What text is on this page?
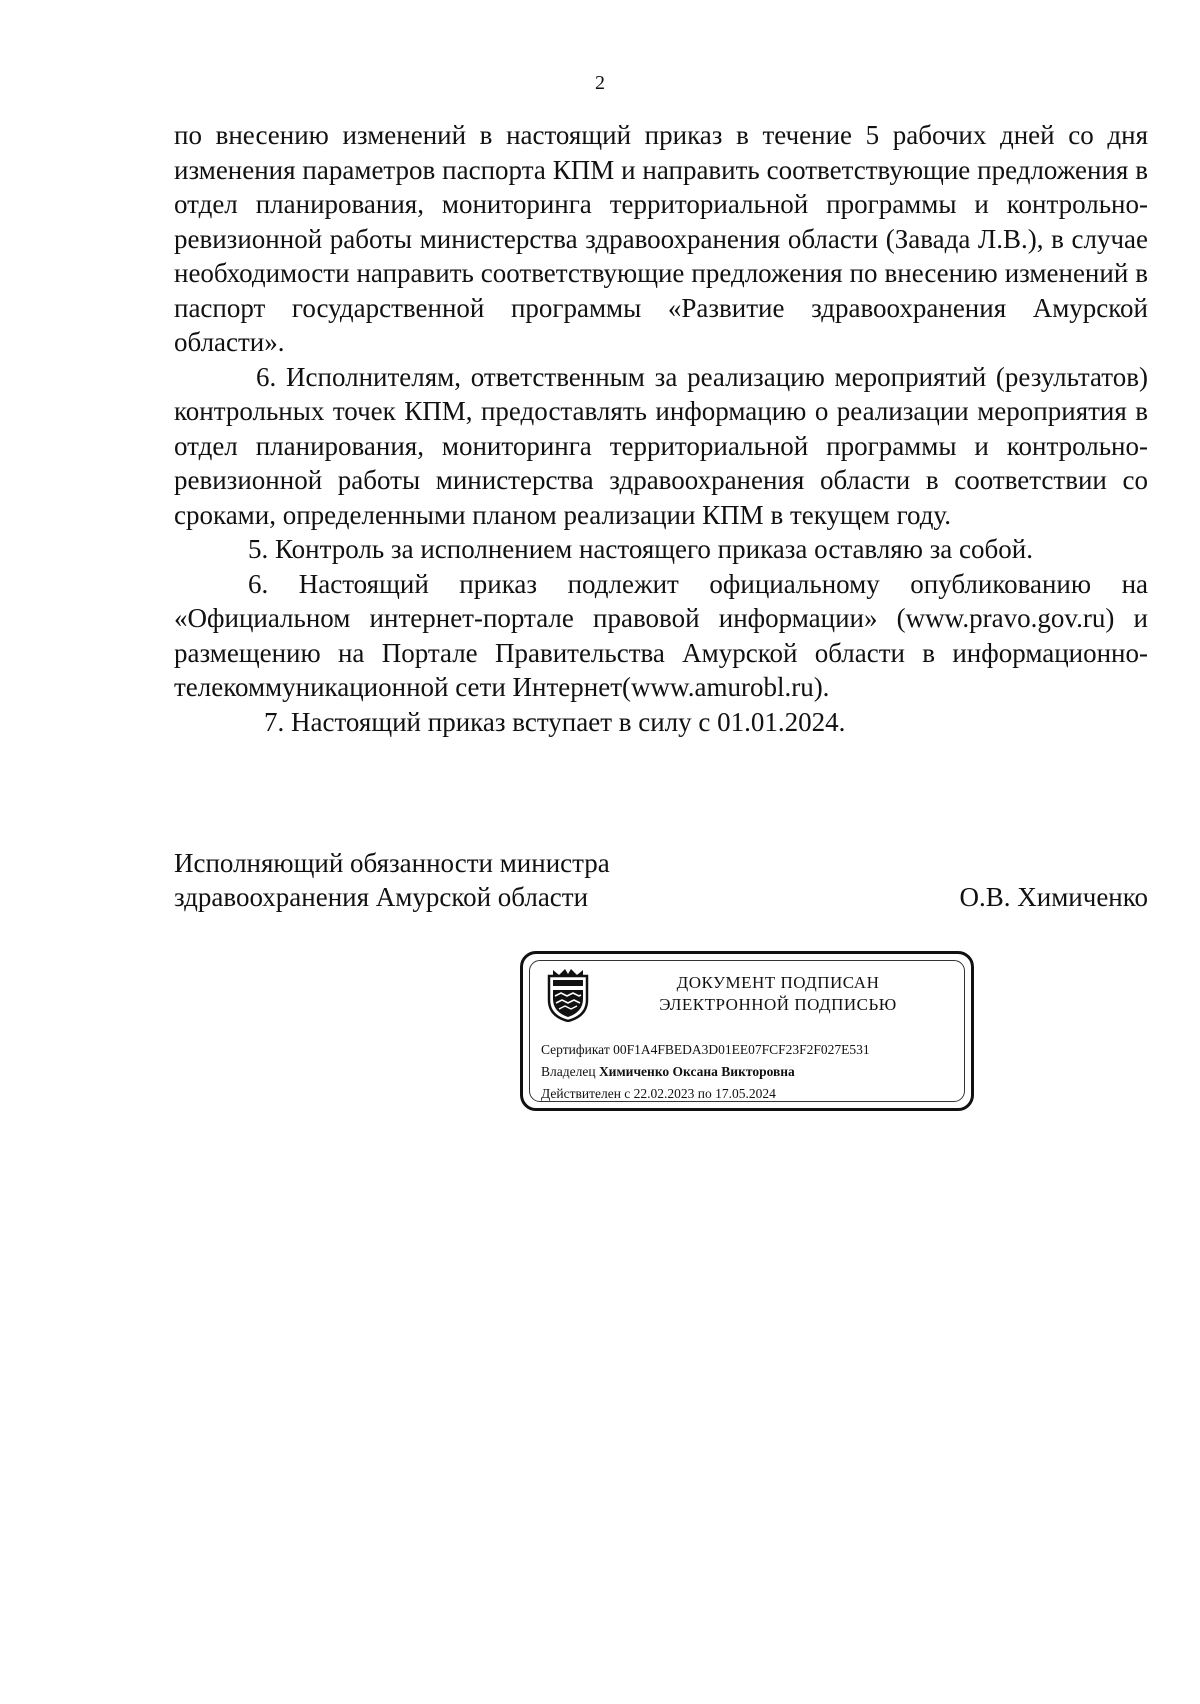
2

по внесению изменений в настоящий приказ в течение 5 рабочих дней со дня изменения параметров паспорта КПМ и направить соответствующие предложения в отдел планирования, мониторинга территориальной программы и контрольно-ревизионной работы министерства здравоохранения области (Завада Л.В.), в случае необходимости направить соответствующие предложения по внесению изменений в паспорт государственной программы «Развитие здравоохранения Амурской области».

6. Исполнителям, ответственным за реализацию мероприятий (результатов) контрольных точек КПМ, предоставлять информацию о реализации мероприятия в отдел планирования, мониторинга территориальной программы и контрольно-ревизионной работы министерства здравоохранения области в соответствии со сроками, определенными планом реализации КПМ в текущем году.

5. Контроль за исполнением настоящего приказа оставляю за собой.

6. Настоящий приказ подлежит официальному опубликованию на «Официальном интернет-портале правовой информации» (www.pravo.gov.ru) и размещению на Портале Правительства Амурской области в информационно-телекоммуникационной сети Интернет(www.amurobl.ru).

7. Настоящий приказ вступает в силу с 01.01.2024.

Исполняющий обязанности министра
здравоохранения Амурской области	О.В. Химиченко
ДОКУМЕНТ ПОДПИСАН
ЭЛЕКТРОННОЙ ПОДПИСЬЮ
Сертификат 00F1A4FBEDA3D01EE07FCF23F2F027E531
Владелец Химиченко Оксана Викторовна
Действителен с 22.02.2023 по 17.05.2024
